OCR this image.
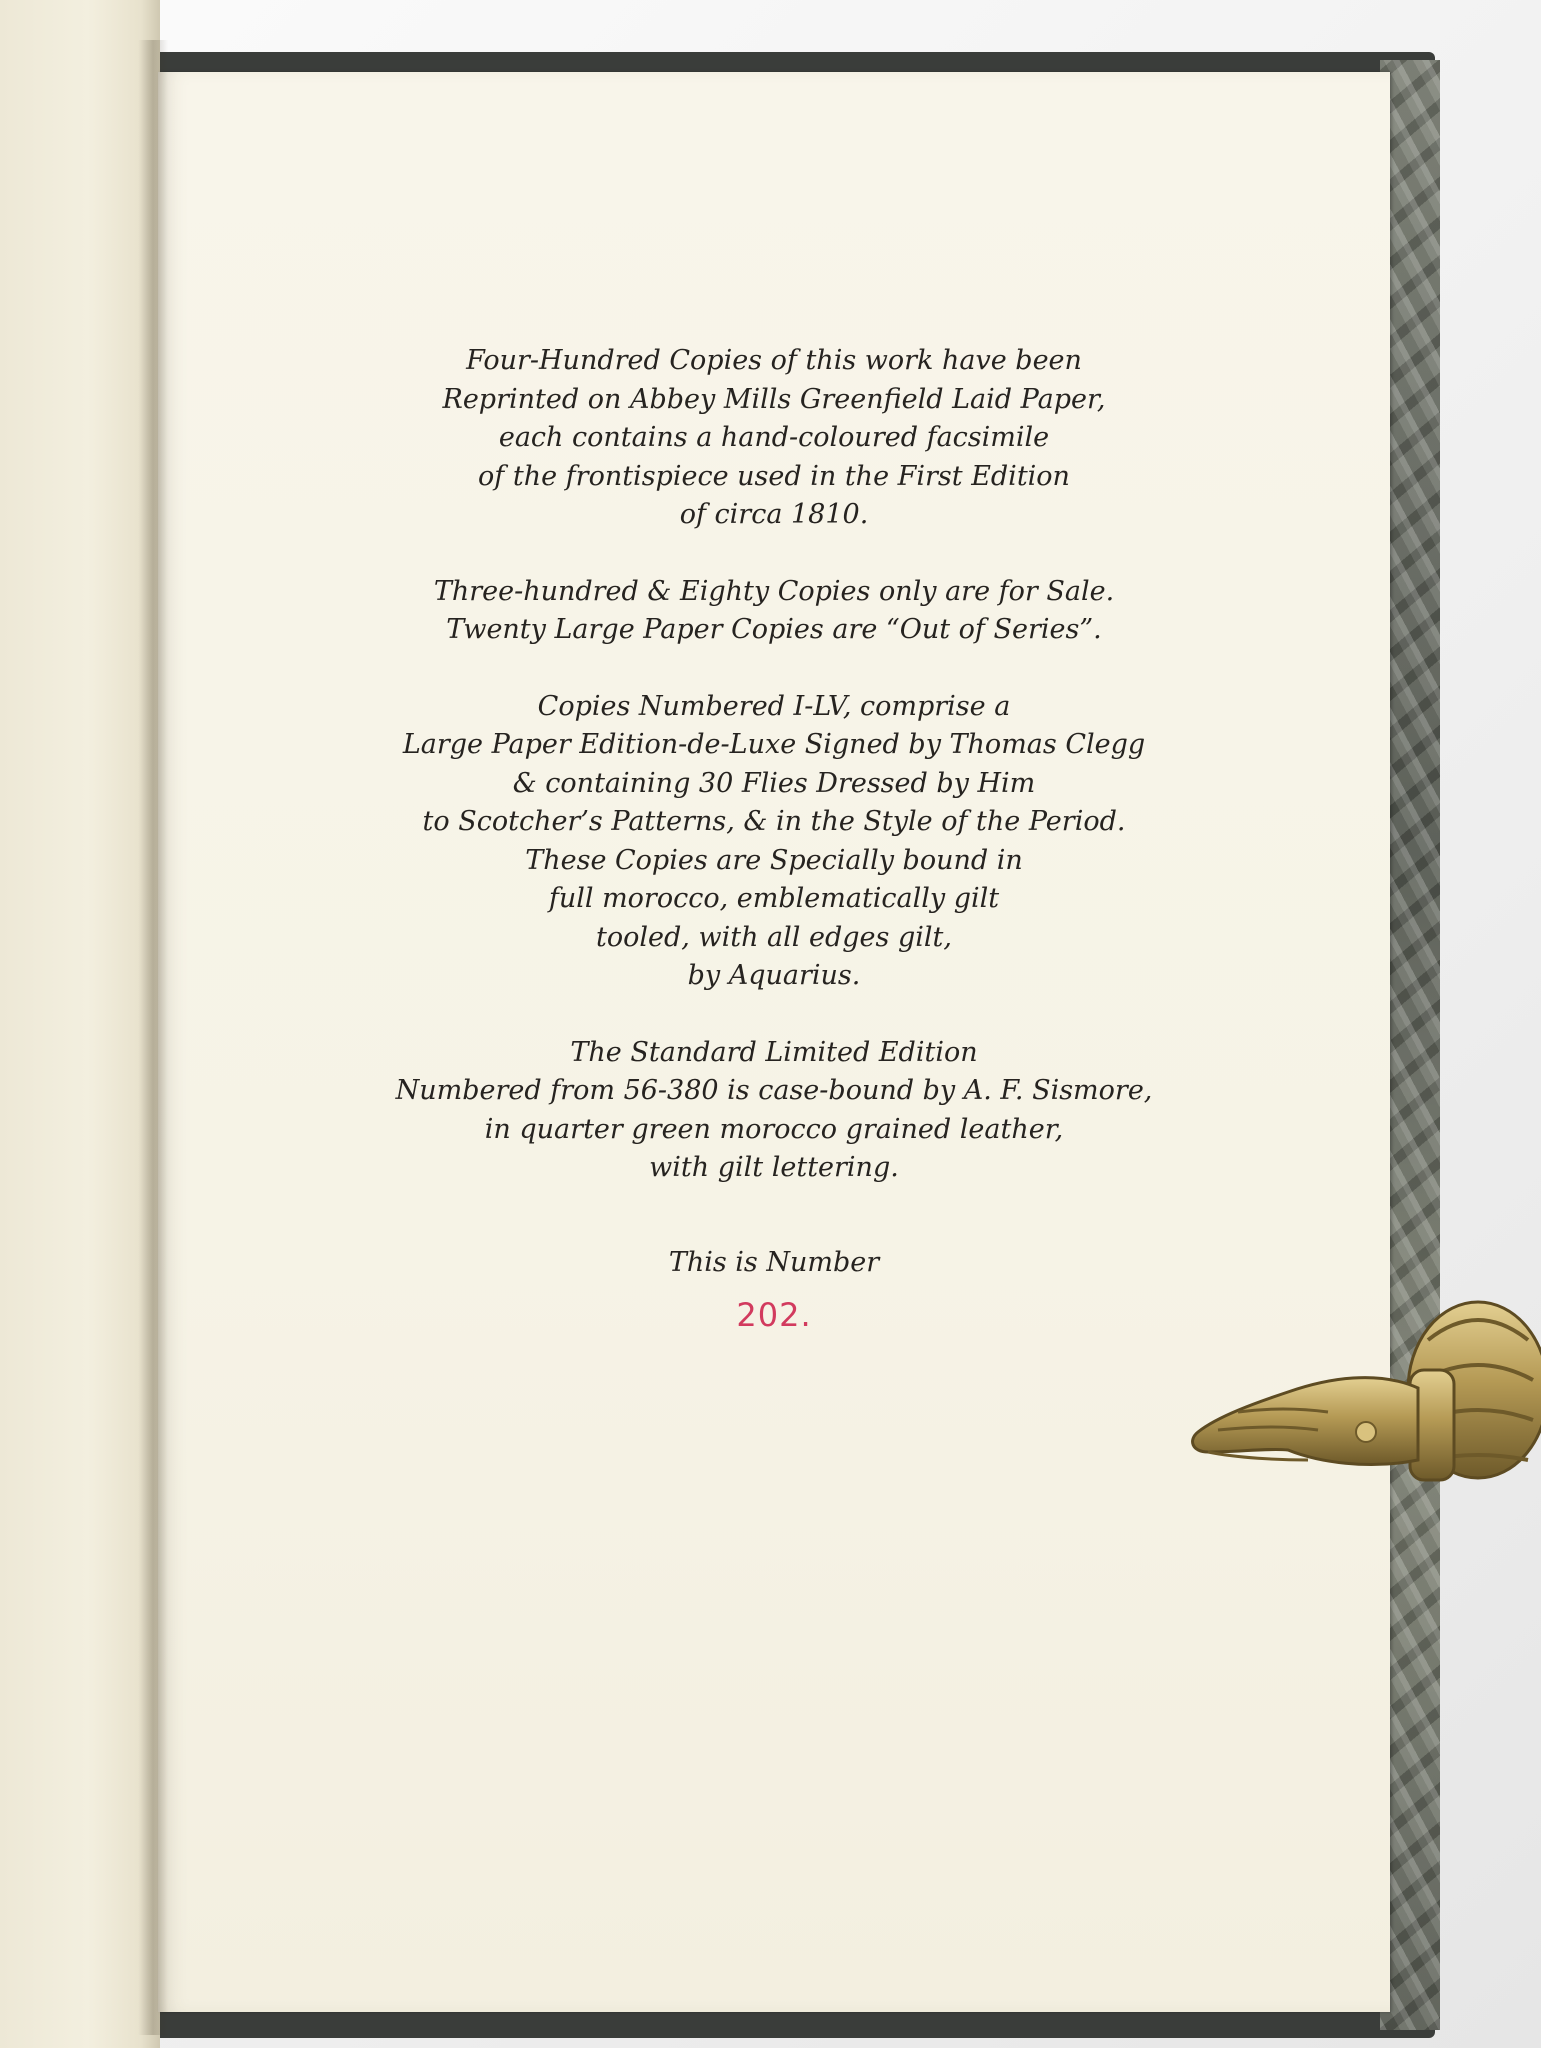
Four-Hundred Copies of this work have been
Reprinted on Abbey Mills Greenfield Laid Paper,
each contains a hand-coloured facsimile
of the frontispiece used in the First Edition
of circa 1810.
Three-hundred & Eighty Copies only are for Sale.
Twenty Large Paper Copies are “Out of Series”.
Copies Numbered I-LV, comprise a
Large Paper Edition-de-Luxe Signed by Thomas Clegg
& containing 30 Flies Dressed by Him
to Scotcher’s Patterns, & in the Style of the Period.
These Copies are Specially bound in
full morocco, emblematically gilt
tooled, with all edges gilt,
by Aquarius.
The Standard Limited Edition
Numbered from 56-380 is case-bound by A. F. Sismore,
in quarter green morocco grained leather,
with gilt lettering.
This is Number
202.
